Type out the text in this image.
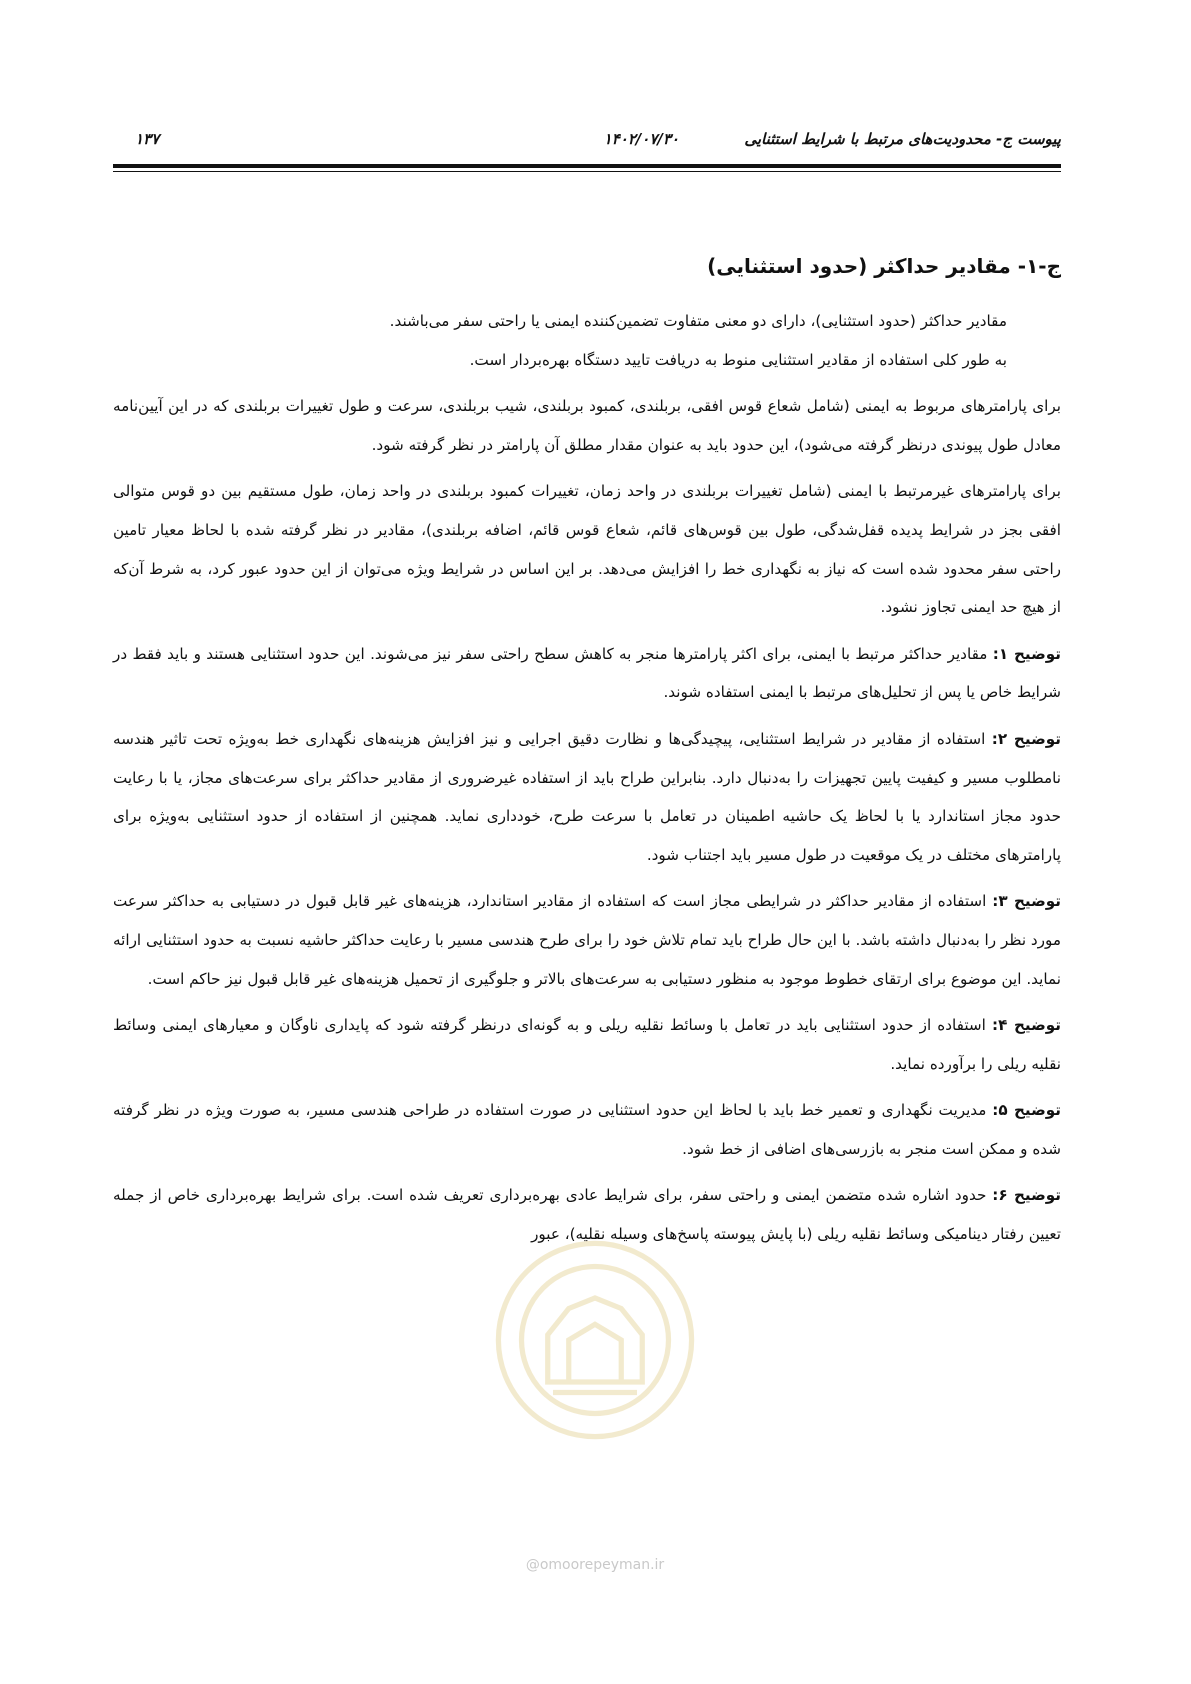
پیوست ج- محدودیت‌های مرتبط با شرایط استثنایی
۱۴۰۲/۰۷/۳۰
۱۳۷
ج-۱- مقادیر حداکثر (حدود استثنایی)

مقادیر حداکثر (حدود استثنایی)، دارای دو معنی متفاوت تضمین‌کننده ایمنی یا راحتی سفر می‌باشند.

به طور کلی استفاده از مقادیر استثنایی منوط به دریافت تایید دستگاه بهره‌بردار است.

برای پارامترهای مربوط به ایمنی (شامل شعاع قوس افقی، بربلندی، کمبود بربلندی، شیب بربلندی، سرعت و طول تغییرات بربلندی که در این آیین‌نامه معادل طول پیوندی درنظر گرفته می‌شود)، این حدود باید به عنوان مقدار مطلق آن پارامتر در نظر گرفته شود.

برای پارامترهای غیرمرتبط با ایمنی (شامل تغییرات بربلندی در واحد زمان، تغییرات کمبود بربلندی در واحد زمان، طول مستقیم بین دو قوس متوالی افقی بجز در شرایط پدیده قفل‌شدگی، طول بین قوس‌های قائم، شعاع قوس قائم، اضافه بربلندی)، مقادیر در نظر گرفته شده با لحاظ معیار تامین راحتی سفر محدود شده است که نیاز به نگهداری خط را افزایش می‌دهد. بر این اساس در شرایط ویژه می‌توان از این حدود عبور کرد، به شرط آن‌که از هیچ حد ایمنی تجاوز نشود.

توضیح ۱: مقادیر حداکثر مرتبط با ایمنی، برای اکثر پارامترها منجر به کاهش سطح راحتی سفر نیز می‌شوند. این حدود استثنایی هستند و باید فقط در شرایط خاص یا پس از تحلیل‌های مرتبط با ایمنی استفاده شوند.

توضیح ۲: استفاده از مقادیر در شرایط استثنایی، پیچیدگی‌ها و نظارت دقیق اجرایی و نیز افزایش هزینه‌های نگهداری خط به‌ویژه تحت تاثیر هندسه نامطلوب مسیر و کیفیت پایین تجهیزات را به‌دنبال دارد. بنابراین طراح باید از استفاده غیرضروری از مقادیر حداکثر برای سرعت‌های مجاز، یا با رعایت حدود مجاز استاندارد یا با لحاظ یک حاشیه اطمینان در تعامل با سرعت طرح، خودداری نماید. همچنین از استفاده از حدود استثنایی به‌ویژه برای پارامترهای مختلف در یک موقعیت در طول مسیر باید اجتناب شود.

توضیح ۳: استفاده از مقادیر حداکثر در شرایطی مجاز است که استفاده از مقادیر استاندارد، هزینه‌های غیر قابل قبول در دستیابی به حداکثر سرعت مورد نظر را به‌دنبال داشته باشد. با این حال طراح باید تمام تلاش خود را برای طرح هندسی مسیر با رعایت حداکثر حاشیه نسبت به حدود استثنایی ارائه نماید. این موضوع برای ارتقای خطوط موجود به منظور دستیابی به سرعت‌های بالاتر و جلوگیری از تحمیل هزینه‌های غیر قابل قبول نیز حاکم است.

توضیح ۴: استفاده از حدود استثنایی باید در تعامل با وسائط نقلیه ریلی و به گونه‌ای درنظر گرفته شود که پایداری ناوگان و معیارهای ایمنی وسائط نقلیه ریلی را برآورده نماید.

توضیح ۵: مدیریت نگهداری و تعمیر خط باید با لحاظ این حدود استثنایی در صورت استفاده در طراحی هندسی مسیر، به صورت ویژه در نظر گرفته شده و ممکن است منجر به بازرسی‌های اضافی از خط شود.

توضیح ۶: حدود اشاره شده متضمن ایمنی و راحتی سفر، برای شرایط عادی بهره‌برداری تعریف شده است. برای شرایط بهره‌برداری خاص از جمله تعیین رفتار دینامیکی وسائط نقلیه ریلی (با پایش پیوسته پاسخ‌های وسیله نقلیه)، عبور

@omoorepeyman.ir
